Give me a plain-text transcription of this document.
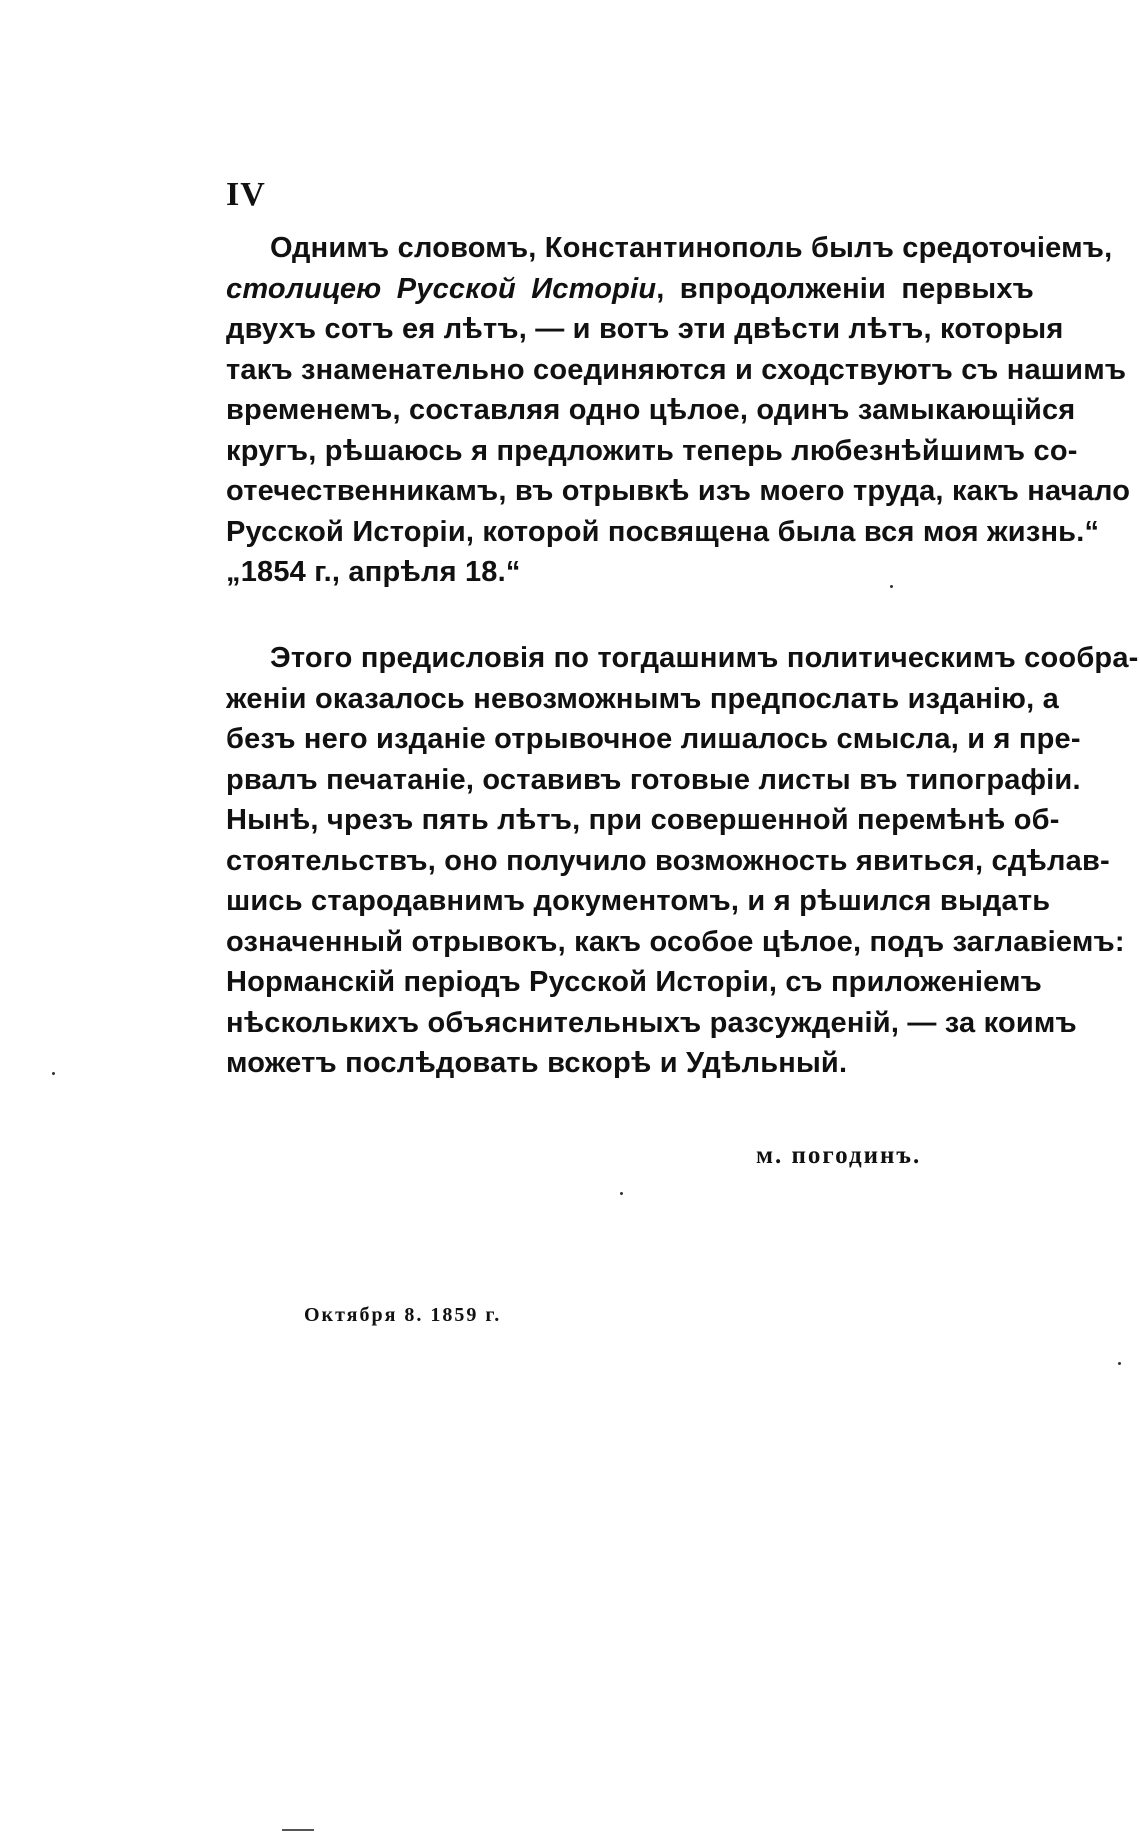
IV
Однимъ словомъ, Константинополь былъ средоточіемъ,
столицею Русской Исторіи, впродолженіи первыхъ
двухъ сотъ ея лѣтъ, — и вотъ эти двѣсти лѣтъ, которыя
такъ знаменательно соединяются и сходствуютъ съ нашимъ
временемъ, составляя одно цѣлое, одинъ замыкающійся
кругъ, рѣшаюсь я предложить теперь любезнѣйшимъ со-
отечественникамъ, въ отрывкѣ изъ моего труда, какъ начало
Русской Исторіи, которой посвящена была вся моя жизнь.“
„1854 г., апрѣля 18.“
Этого предисловія по тогдашнимъ политическимъ сообра-
женіи оказалось невозможнымъ предпослать изданію, а
безъ него изданіе отрывочное лишалось смысла, и я пре-
рвалъ печатаніе, оставивъ готовые листы въ типографіи.
Нынѣ, чрезъ пять лѣтъ, при совершенной перемѣнѣ об-
стоятельствъ, оно получило возможность явиться, сдѣлав-
шись стародавнимъ документомъ, и я рѣшился выдать
означенный отрывокъ, какъ особое цѣлое, подъ заглавіемъ:
Норманскій періодъ Русской Исторіи, съ приложеніемъ
нѣсколькихъ объяснительныхъ разсужденій, — за коимъ
можетъ послѣдовать вскорѣ и Удѣльный.
м. погодинъ.
Октября 8. 1859 г.
